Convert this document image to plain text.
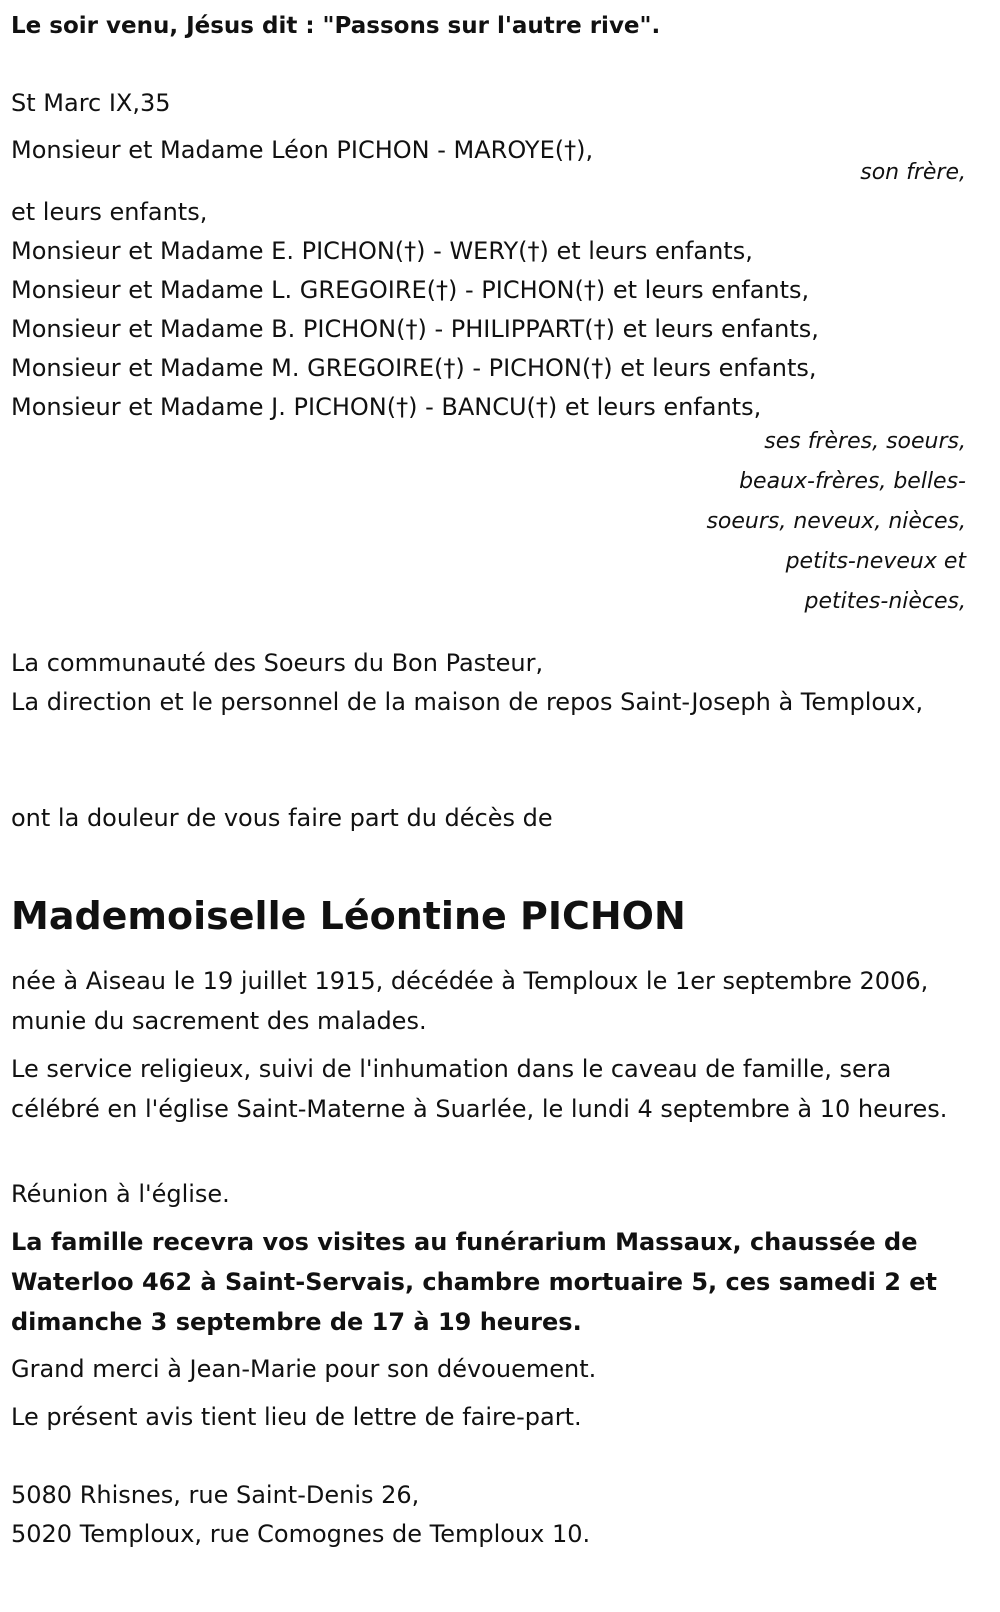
Le soir venu, Jésus dit : "Passons sur l'autre rive".

St Marc IX,35

Monsieur et Madame Léon PICHON - MAROYE(†),

son frère,

et leurs enfants,

Monsieur et Madame E. PICHON(†) - WERY(†) et leurs enfants,

Monsieur et Madame L. GREGOIRE(†) - PICHON(†) et leurs enfants,

Monsieur et Madame B. PICHON(†) - PHILIPPART(†) et leurs enfants,

Monsieur et Madame M. GREGOIRE(†) - PICHON(†) et leurs enfants,

Monsieur et Madame J. PICHON(†) - BANCU(†) et leurs enfants,

ses frères, soeurs, beaux-frères, belles-soeurs, neveux, nièces, petits-neveux et petites-nièces,

La communauté des Soeurs du Bon Pasteur,

La direction et le personnel de la maison de repos Saint-Joseph à Temploux,

ont la douleur de vous faire part du décès de

Mademoiselle Léontine PICHON

née à Aiseau le 19 juillet 1915, décédée à Temploux le 1er septembre 2006, munie du sacrement des malades.

Le service religieux, suivi de l'inhumation dans le caveau de famille, sera célébré en l'église Saint-Materne à Suarlée, le lundi 4 septembre à 10 heures.

Réunion à l'église.

La famille recevra vos visites au funérarium Massaux, chaussée de Waterloo 462 à Saint-Servais, chambre mortuaire 5, ces samedi 2 et dimanche 3 septembre de 17 à 19 heures.

Grand merci à Jean-Marie pour son dévouement.

Le présent avis tient lieu de lettre de faire-part.

5080 Rhisnes, rue Saint-Denis 26,

5020 Temploux, rue Comognes de Temploux 10.
